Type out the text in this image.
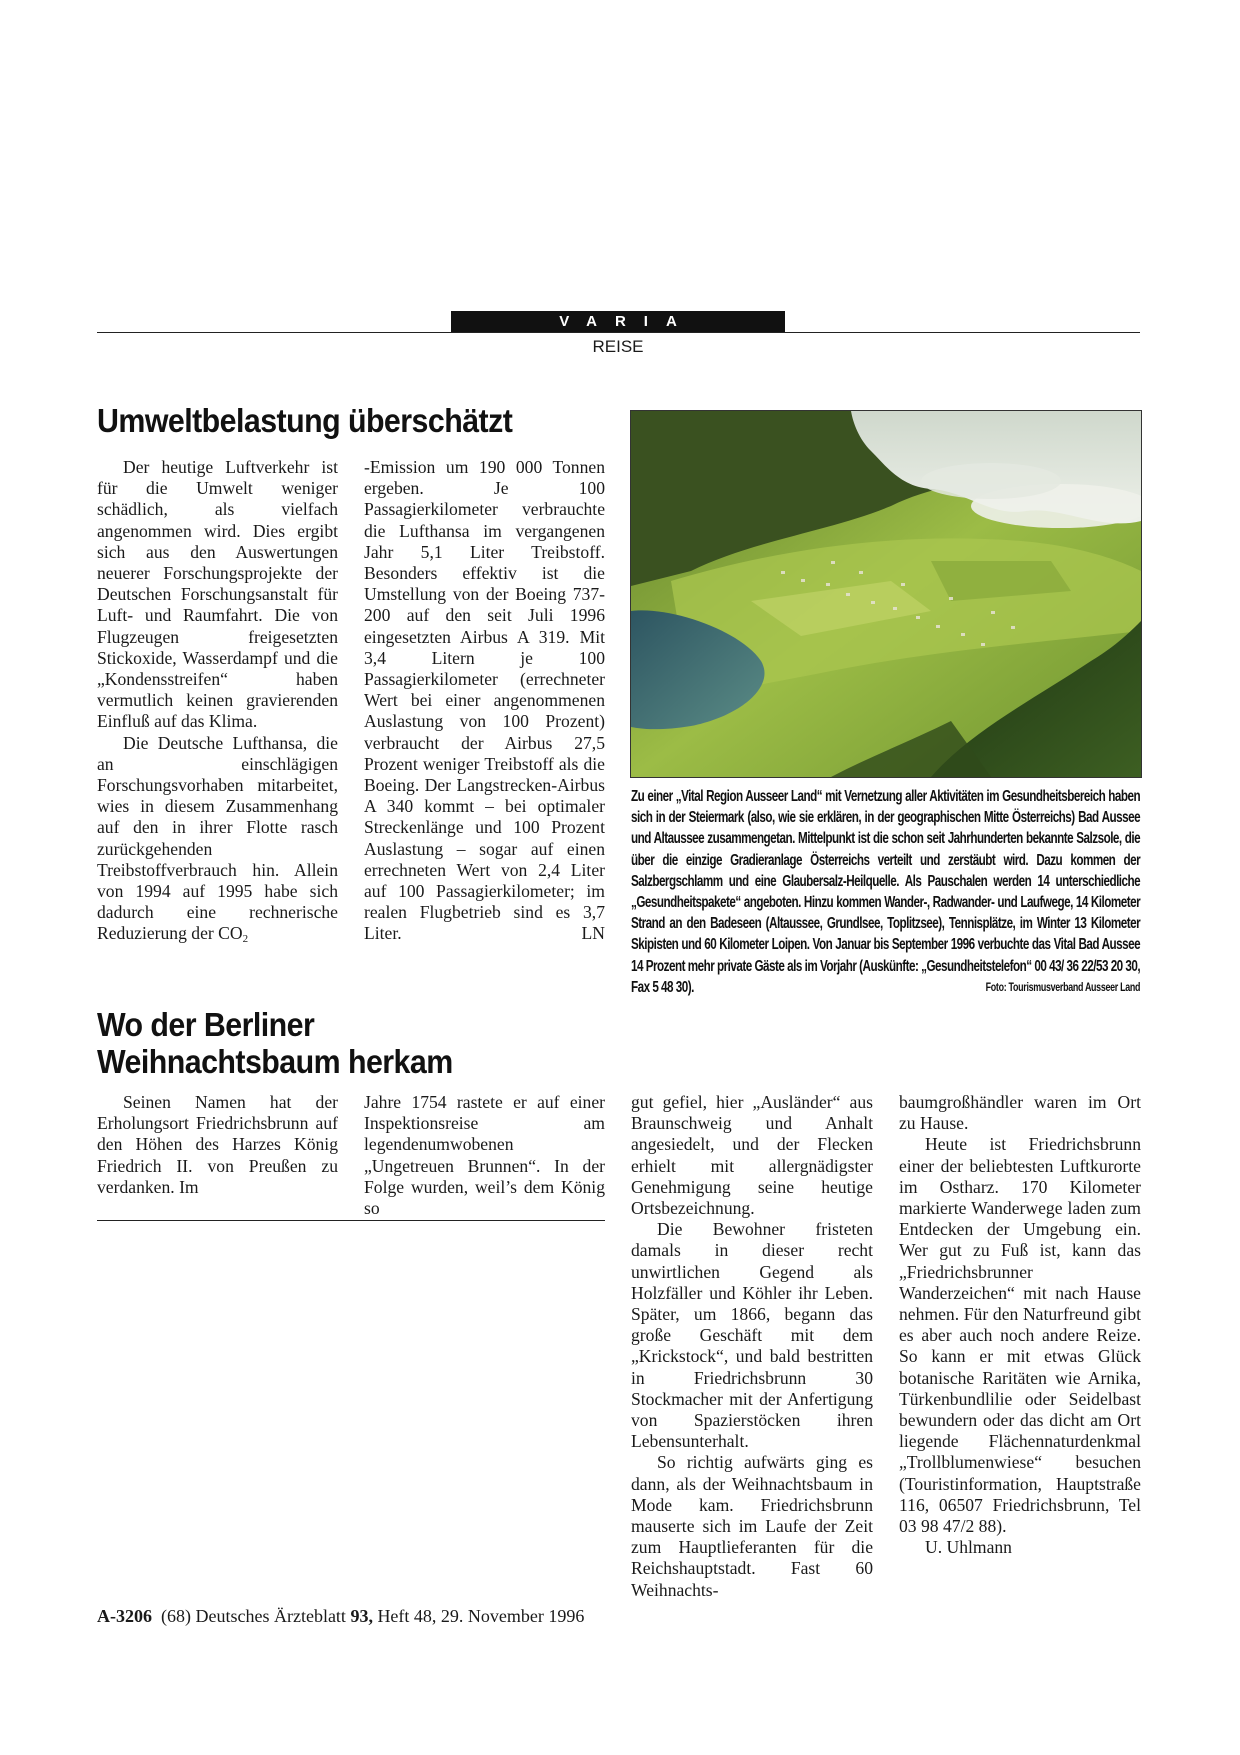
VARIA
REISE
Umweltbelastung überschätzt

Der heutige Luftverkehr ist für die Umwelt weniger schädlich, als vielfach angenommen wird. Dies ergibt sich aus den Auswertungen neuerer Forschungsprojekte der Deutschen Forschungsanstalt für Luft- und Raumfahrt. Die von Flugzeugen freigesetzten Stickoxide, Wasserdampf und die „Kondensstreifen“ haben vermutlich keinen gravierenden Einfluß auf das Klima.

Die Deutsche Lufthansa, die an einschlägigen Forschungsvorhaben mitarbeitet, wies in diesem Zusammenhang auf den in ihrer Flotte rasch zurückgehenden Treibstoffverbrauch hin. Allein von 1994 auf 1995 habe sich dadurch eine rechnerische Reduzierung der $CO_2$

-Emission um 190 000 Tonnen ergeben. Je 100 Passagierkilometer verbrauchte die Lufthansa im vergangenen Jahr 5,1 Liter Treibstoff. Besonders effektiv ist die Umstellung von der Boeing 737-200 auf den seit Juli 1996 eingesetzten Airbus A 319. Mit 3,4 Litern je 100 Passagierkilometer (errechneter Wert bei einer angenommenen Auslastung von 100 Prozent) verbraucht der Airbus 27,5 Prozent weniger Treibstoff als die Boeing. Der Langstrecken-Airbus A 340 kommt – bei optimaler Streckenlänge und 100 Prozent Auslastung – sogar auf einen errechneten Wert von 2,4 Liter auf 100 Passagierkilometer; im realen Flugbetrieb sind es 3,7 Liter.	LN

Zu einer „Vital Region Ausseer Land“ mit Vernetzung aller Aktivitäten im Gesundheitsbereich haben sich in der Steiermark (also, wie sie erklären, in der geographischen Mitte Österreichs) Bad Aussee und Altaussee zusammengetan. Mittelpunkt ist die schon seit Jahrhunderten bekannte Salzsole, die über die einzige Gradieranlage Österreichs verteilt und zerstäubt wird. Dazu kommen der Salzbergschlamm und eine Glaubersalz-Heilquelle. Als Pauschalen werden 14 unterschiedliche „Gesundheitspakete“ angeboten. Hinzu kommen Wander-, Radwander- und Laufwege, 14 Kilometer Strand an den Badeseen (Altaussee, Grundlsee, Toplitzsee), Tennisplätze, im Winter 13 Kilometer Skipisten und 60 Kilometer Loipen. Von Januar bis September 1996 verbuchte das Vital Bad Aussee 14 Prozent mehr private Gäste als im Vorjahr (Auskünfte: „Gesundheitstelefon“ 00 43/ 36 22/53 20 30, Fax 5 48 30).	Foto: Tourismusverband Ausseer Land
Wo der Berliner
Weihnachtsbaum herkam

Seinen Namen hat der Erholungsort Friedrichsbrunn auf den Höhen des Harzes König Friedrich II. von Preußen zu verdanken. Im

Jahre 1754 rastete er auf einer Inspektionsreise am legendenumwobenen „Ungetreuen Brunnen“. In der Folge wurden, weil’s dem König so

gut gefiel, hier „Ausländer“ aus Braunschweig und Anhalt angesiedelt, und der Flecken erhielt mit allergnädigster Genehmigung seine heutige Ortsbezeichnung.

Die Bewohner fristeten damals in dieser recht unwirtlichen Gegend als Holzfäller und Köhler ihr Leben. Später, um 1866, begann das große Geschäft mit dem „Krickstock“, und bald bestritten in Friedrichsbrunn 30 Stockmacher mit der Anfertigung von Spazierstöcken ihren Lebensunterhalt.

So richtig aufwärts ging es dann, als der Weihnachtsbaum in Mode kam. Friedrichsbrunn mauserte sich im Laufe der Zeit zum Hauptlieferanten für die Reichshauptstadt. Fast 60 Weihnachts-

baumgroßhändler waren im Ort zu Hause.

Heute ist Friedrichsbrunn einer der beliebtesten Luftkurorte im Ostharz. 170 Kilometer markierte Wanderwege laden zum Entdecken der Umgebung ein. Wer gut zu Fuß ist, kann das „Friedrichsbrunner Wanderzeichen“ mit nach Hause nehmen. Für den Naturfreund gibt es aber auch noch andere Reize. So kann er mit etwas Glück botanische Raritäten wie Arnika, Türkenbundlilie oder Seidelbast bewundern oder das dicht am Ort liegende Flächennaturdenkmal „Trollblumenwiese“ besuchen (Touristinformation, Hauptstraße 116, 06507 Friedrichsbrunn, Tel 03 98 47/2 88).

U. Uhlmann

A-3206 (68) Deutsches Ärzteblatt 93, Heft 48, 29. November 1996
